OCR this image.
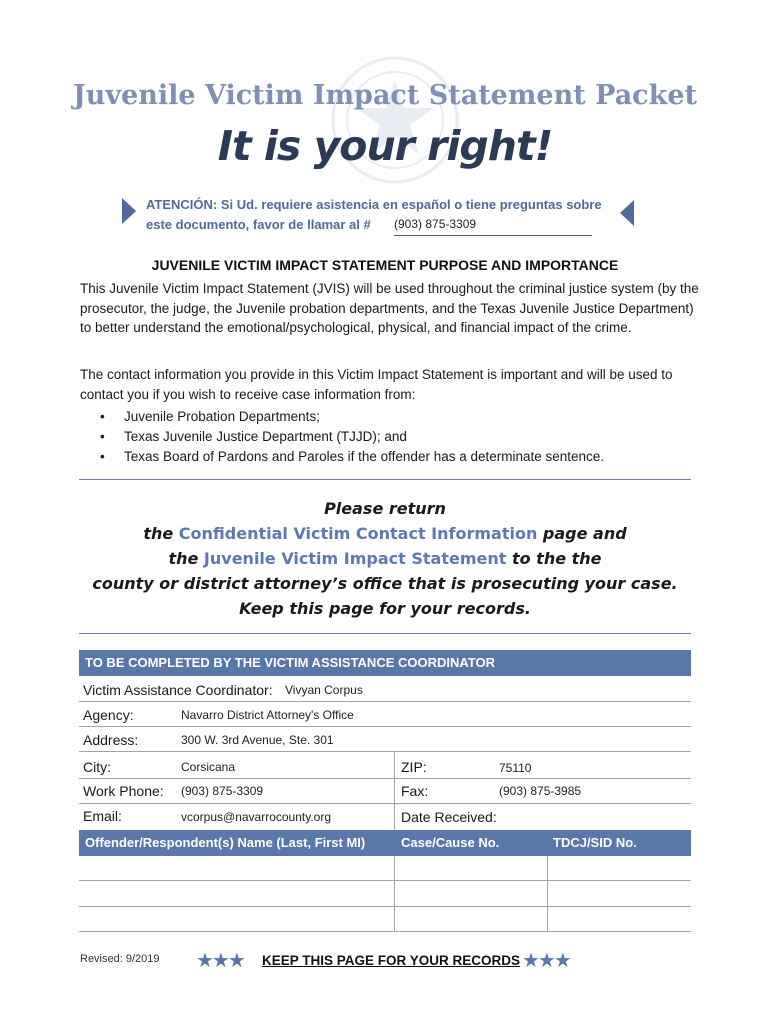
Juvenile Victim Impact Statement Packet
It is your right!
ATENCIÓN: Si Ud. requiere asistencia en español o tiene preguntas sobre
este documento, favor de llamar al # (903) 875-3309
JUVENILE VICTIM IMPACT STATEMENT PURPOSE AND IMPORTANCE
This Juvenile Victim Impact Statement (JVIS) will be used throughout the criminal justice system (by the prosecutor, the judge, the Juvenile probation departments, and the Texas Juvenile Justice Department) to better understand the emotional/psychological, physical, and financial impact of the crime.
The contact information you provide in this Victim Impact Statement is important and will be used to contact you if you wish to receive case information from:
• Juvenile Probation Departments;
• Texas Juvenile Justice Department (TJJD); and
• Texas Board of Pardons and Paroles if the offender has a determinate sentence.
Please return
the Confidential Victim Contact Information page and
the Juvenile Victim Impact Statement to the the
county or district attorney’s office that is prosecuting your case.
Keep this page for your records.
TO BE COMPLETED BY THE VICTIM ASSISTANCE COORDINATOR
Victim Assistance Coordinator: Vivyan Corpus
Agency:	Navarro District Attorney's Office
Address:	300 W. 3rd Avenue, Ste. 301
City:	Corsicana	ZIP:	75110
Work Phone: (903) 875-3309	Fax:	(903) 875-3985
Email:	vcorpus@navarrocounty.org	Date Received:
Offender/Respondent(s) Name (Last, First MI)	Case/Cause No.	TDCJ/SID No.
Revised: 9/2019 ★★★ KEEP THIS PAGE FOR YOUR RECORDS ★★★
